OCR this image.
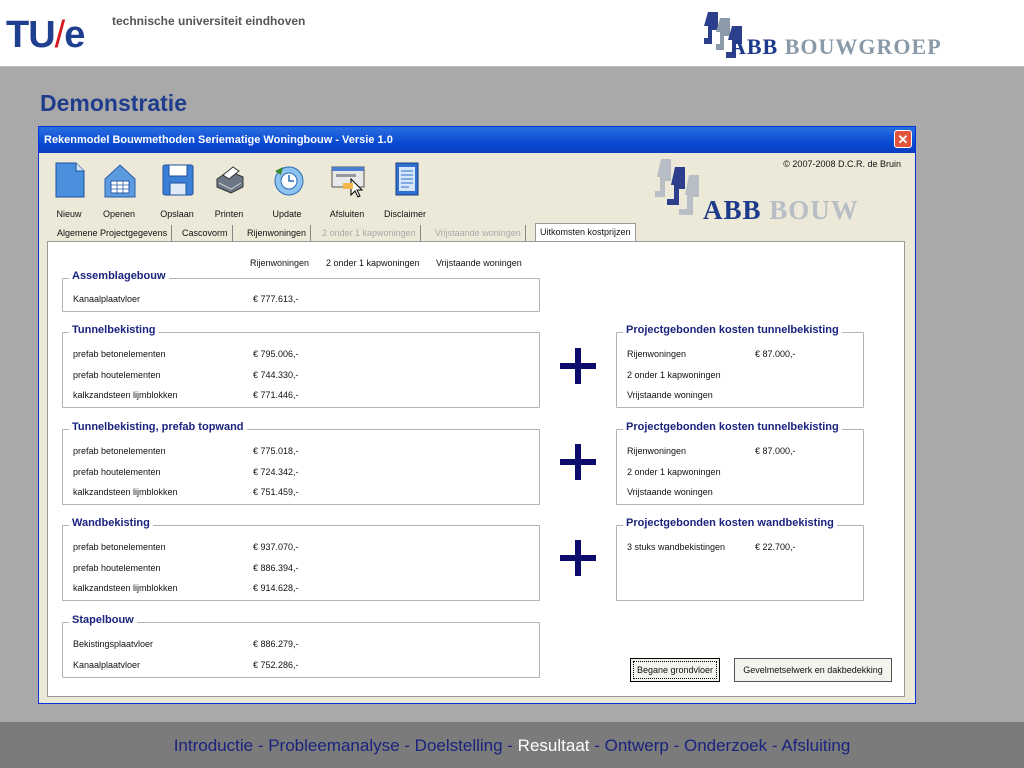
TU/e technische universiteit eindhoven
ABB BOUWGROEP
Demonstratie
Rekenmodel Bouwmethoden Seriematige Woningbouw - Versie 1.0	✕
Nieuw	Openen	Opslaan	Printen	Update	Afsluiten	Disclaimer
© 2007-2008 D.C.R. de Bruin
ABB BOUW
Algemene Projectgegevens	Cascovorm	Rijenwoningen	2 onder 1 kapwoningen	Vrijstaande woningen	Uitkomsten kostprijzen
Rijenwoningen 2 onder 1 kapwoningen Vrijstaande woningen
Assemblagebouw
Kanaalplaatvloer	€ 777.613,-
Tunnelbekisting
prefab betonelementen	€ 795.006,-
prefab houtelementen	€ 744.330,-
kalkzandsteen lijmblokken	€ 771.446,-
Tunnelbekisting, prefab topwand
prefab betonelementen	€ 775.018,-
prefab houtelementen	€ 724.342,-
kalkzandsteen lijmblokken	€ 751.459,-
Wandbekisting
prefab betonelementen	€ 937.070,-
prefab houtelementen	€ 886.394,-
kalkzandsteen lijmblokken	€ 914.628,-
Stapelbouw
Bekistingsplaatvloer	€ 886.279,-
Kanaalplaatvloer	€ 752.286,-
Projectgebonden kosten tunnelbekisting
Rijenwoningen	€ 87.000,-
2 onder 1 kapwoningen
Vrijstaande woningen
Projectgebonden kosten tunnelbekisting
Rijenwoningen	€ 87.000,-
2 onder 1 kapwoningen
Vrijstaande woningen
Projectgebonden kosten wandbekisting
3 stuks wandbekistingen	€ 22.700,-
Begane grondvloer	Gevelmetselwerk en dakbedekking
Introductie - Probleemanalyse - Doelstelling - Resultaat - Ontwerp - Onderzoek - Afsluiting
